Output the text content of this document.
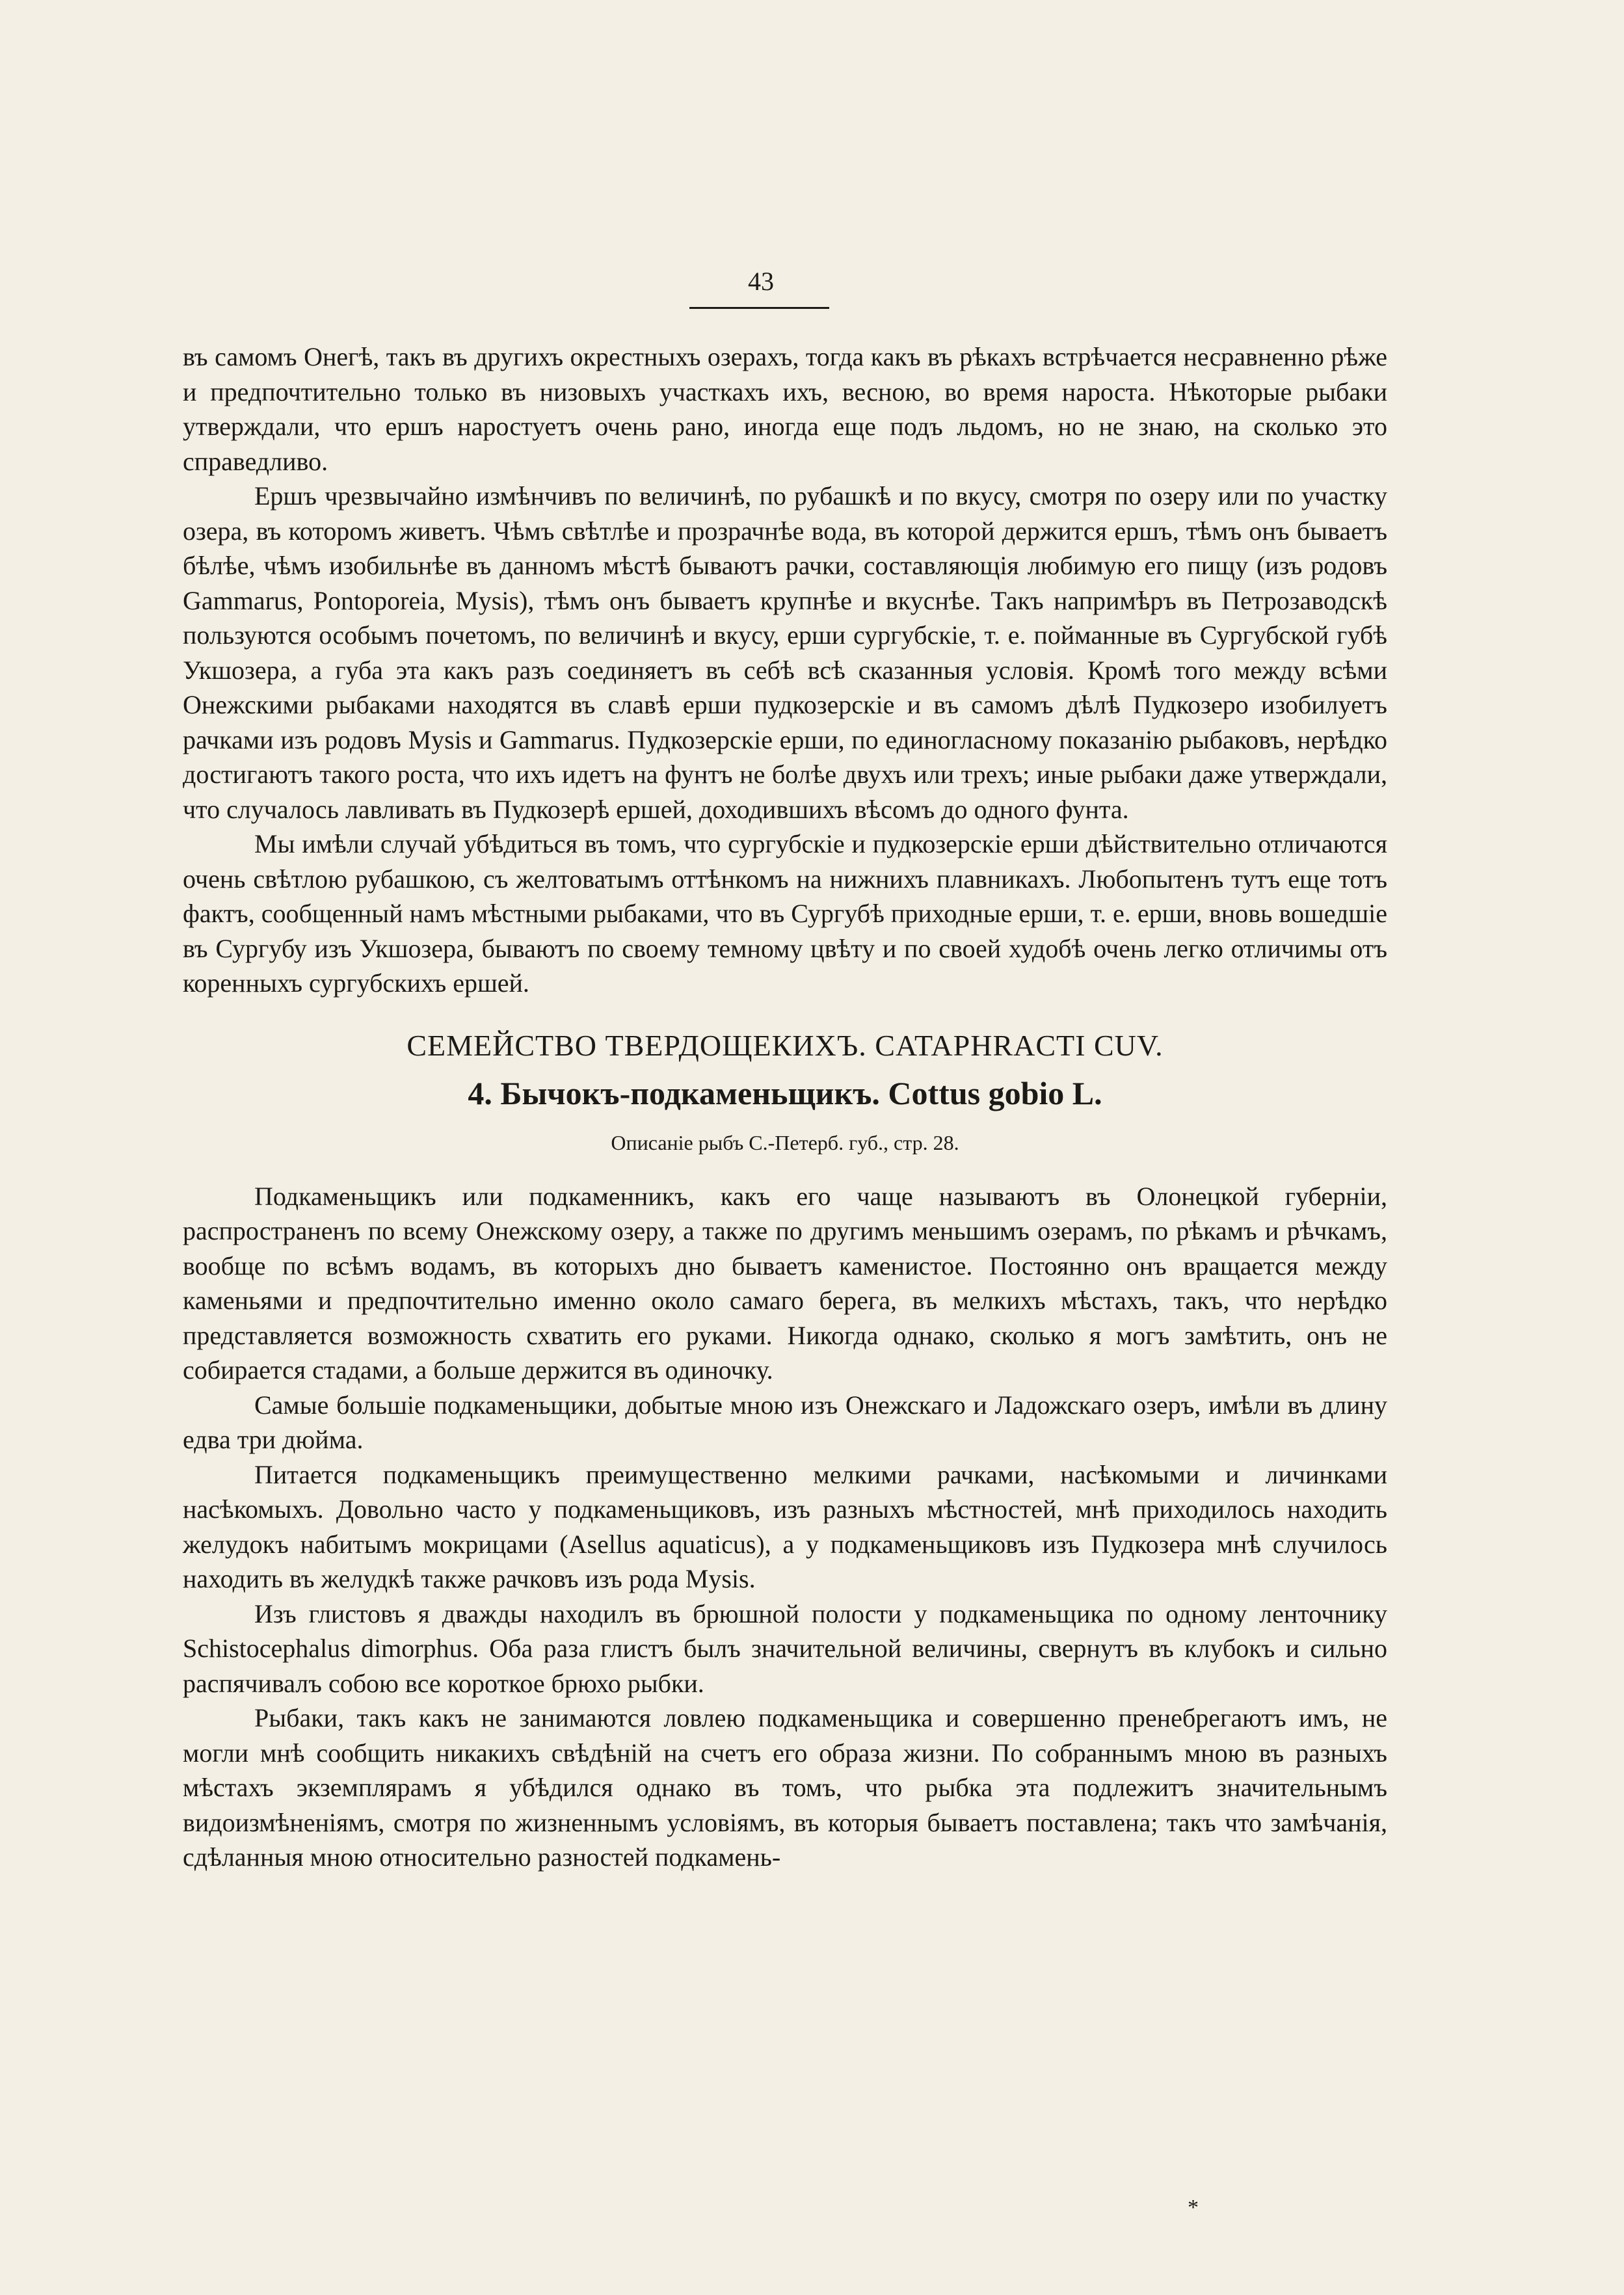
43

въ самомъ Онегѣ, такъ въ другихъ окрестныхъ озерахъ, тогда какъ въ рѣкахъ встрѣчается несравненно рѣже и предпочтительно только въ низовыхъ участкахъ ихъ, весною, во время нароста. Нѣкоторые рыбаки утверждали, что ершъ наростуетъ очень рано, иногда еще подъ льдомъ, но не знаю, на сколько это справедливо.

Ершъ чрезвычайно измѣнчивъ по величинѣ, по рубашкѣ и по вкусу, смотря по озеру или по участку озера, въ которомъ живетъ. Чѣмъ свѣтлѣе и прозрачнѣе вода, въ которой держится ершъ, тѣмъ онъ бываетъ бѣлѣе, чѣмъ изобильнѣе въ данномъ мѣстѣ бываютъ рачки, составляющія любимую его пищу (изъ родовъ Gammarus, Pontoporeia, Mysis), тѣмъ онъ бываетъ крупнѣе и вкуснѣе. Такъ напримѣръ въ Петрозаводскѣ пользуются особымъ почетомъ, по величинѣ и вкусу, ерши сургубскіе, т. е. пойманные въ Сургубской губѣ Укшозера, а губа эта какъ разъ соединяетъ въ себѣ всѣ сказанныя условія. Кромѣ того между всѣми Онежскими рыбаками находятся въ славѣ ерши пудкозерскіе и въ самомъ дѣлѣ Пудкозеро изобилуетъ рачками изъ родовъ Mysis и Gammarus. Пудкозерскіе ерши, по единогласному показанію рыбаковъ, нерѣдко достигаютъ такого роста, что ихъ идетъ на фунтъ не болѣе двухъ или трехъ; иные рыбаки даже утверждали, что случалось лавливать въ Пудкозерѣ ершей, доходившихъ вѣсомъ до одного фунта.

Мы имѣли случай убѣдиться въ томъ, что сургубскіе и пудкозерскіе ерши дѣйствительно отличаются очень свѣтлою рубашкою, съ желтоватымъ оттѣнкомъ на нижнихъ плавникахъ. Любопытенъ тутъ еще тотъ фактъ, сообщенный намъ мѣстными рыбаками, что въ Сургубѣ приходные ерши, т. е. ерши, вновь вошедшіе въ Сургубу изъ Укшозера, бываютъ по своему темному цвѣту и по своей худобѣ очень легко отличимы отъ коренныхъ сургубскихъ ершей.

СЕМЕЙСТВО ТВЕРДОЩЕКИХЪ. CATAPHRACTI CUV.
4. Бычокъ-подкаменьщикъ. Cottus gobio L.
Описаніе рыбъ С.-Петерб. губ., стр. 28.

Подкаменьщикъ или подкаменникъ, какъ его чаще называютъ въ Олонецкой губерніи, распространенъ по всему Онежскому озеру, а также по другимъ меньшимъ озерамъ, по рѣкамъ и рѣчкамъ, вообще по всѣмъ водамъ, въ которыхъ дно бываетъ каменистое. Постоянно онъ вращается между каменьями и предпочтительно именно около самаго берега, въ мелкихъ мѣстахъ, такъ, что нерѣдко представляется возможность схватить его руками. Никогда однако, сколько я могъ замѣтить, онъ не собирается стадами, а больше держится въ одиночку.

Самые большіе подкаменьщики, добытые мною изъ Онежскаго и Ладожскаго озеръ, имѣли въ длину едва три дюйма.

Питается подкаменьщикъ преимущественно мелкими рачками, насѣкомыми и личинками насѣкомыхъ. Довольно часто у подкаменьщиковъ, изъ разныхъ мѣстностей, мнѣ приходилось находить желудокъ набитымъ мокрицами (Asellus aquaticus), а у подкаменьщиковъ изъ Пудкозера мнѣ случилось находить въ желудкѣ также рачковъ изъ рода Mysis.

Изъ глистовъ я дважды находилъ въ брюшной полости у подкаменьщика по одному ленточнику Schistocephalus dimorphus. Оба раза глистъ былъ значительной величины, свернутъ въ клубокъ и сильно распячивалъ собою все короткое брюхо рыбки.

Рыбаки, такъ какъ не занимаются ловлею подкаменьщика и совершенно пренебрегаютъ имъ, не могли мнѣ сообщить никакихъ свѣдѣній на счетъ его образа жизни. По собраннымъ мною въ разныхъ мѣстахъ экземплярамъ я убѣдился однако въ томъ, что рыбка эта подлежитъ значительнымъ видоизмѣненіямъ, смотря по жизненнымъ условіямъ, въ которыя бываетъ поставлена; такъ что замѣчанія, сдѣланныя мною относительно разностей подкамень-

*
